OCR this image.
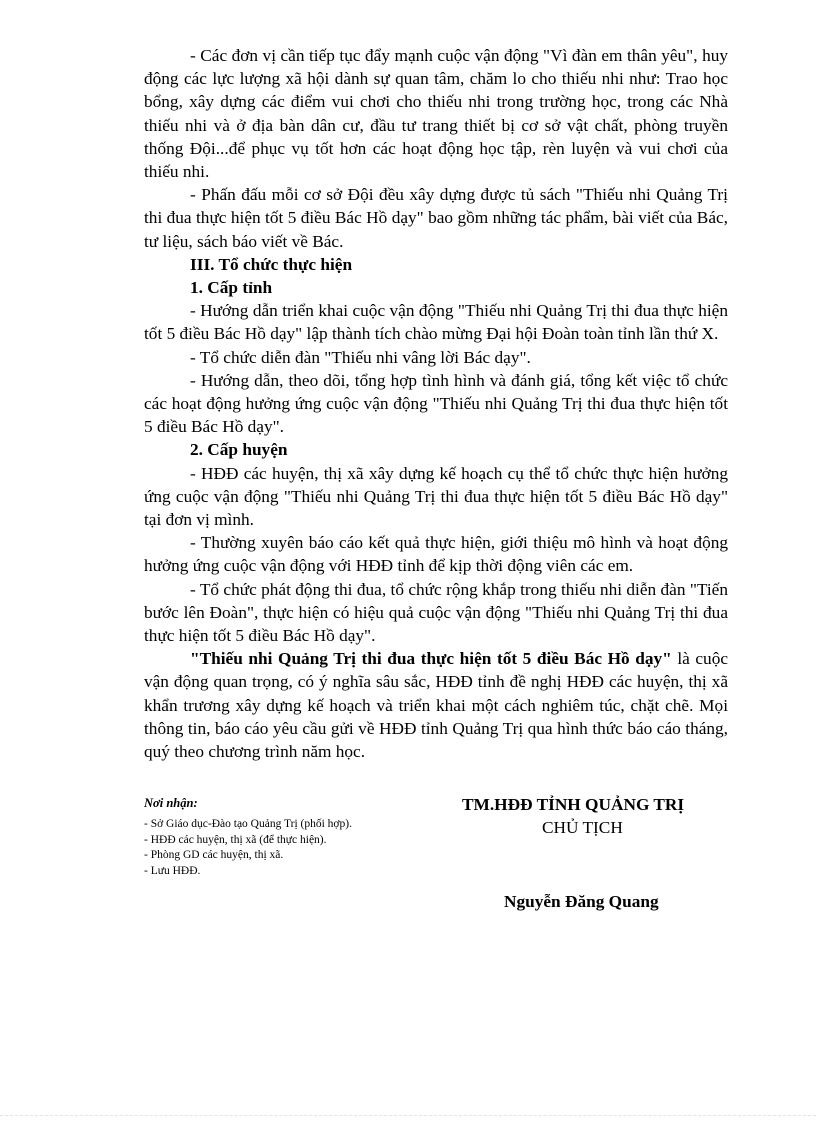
- Các đơn vị cần tiếp tục đẩy mạnh cuộc vận động "Vì đàn em thân yêu", huy động các lực lượng xã hội dành sự quan tâm, chăm lo cho thiếu nhi như: Trao học bổng, xây dựng các điểm vui chơi cho thiếu nhi trong trường học, trong các Nhà thiếu nhi và ở địa bàn dân cư, đầu tư trang thiết bị cơ sở vật chất, phòng truyền thống Đội...để phục vụ tốt hơn các hoạt động học tập, rèn luyện và vui chơi của thiếu nhi.

- Phấn đấu mỗi cơ sở Đội đều xây dựng được tủ sách "Thiếu nhi Quảng Trị thi đua thực hiện tốt 5 điều Bác Hồ dạy" bao gồm những tác phẩm, bài viết của Bác, tư liệu, sách báo viết về Bác.

III. Tổ chức thực hiện

1. Cấp tỉnh

- Hướng dẫn triển khai cuộc vận động "Thiếu nhi Quảng Trị thi đua thực hiện tốt 5 điều Bác Hồ dạy" lập thành tích chào mừng Đại hội Đoàn toàn tỉnh lần thứ X.

- Tổ chức diễn đàn "Thiếu nhi vâng lời Bác dạy".

- Hướng dẫn, theo dõi, tổng hợp tình hình và đánh giá, tổng kết việc tổ chức các hoạt động hưởng ứng cuộc vận động "Thiếu nhi Quảng Trị thi đua thực hiện tốt 5 điều Bác Hồ dạy".

2. Cấp huyện

- HĐĐ các huyện, thị xã xây dựng kế hoạch cụ thể tổ chức thực hiện hưởng ứng cuộc vận động "Thiếu nhi Quảng Trị thi đua thực hiện tốt 5 điều Bác Hồ dạy" tại đơn vị mình.

- Thường xuyên báo cáo kết quả thực hiện, giới thiệu mô hình và hoạt động hưởng ứng cuộc vận động với HĐĐ tỉnh để kịp thời động viên các em.

- Tổ chức phát động thi đua, tổ chức rộng khắp trong thiếu nhi diễn đàn "Tiến bước lên Đoàn", thực hiện có hiệu quả cuộc vận động "Thiếu nhi Quảng Trị thi đua thực hiện tốt 5 điều Bác Hồ dạy".

"Thiếu nhi Quảng Trị thi đua thực hiện tốt 5 điều Bác Hồ dạy" là cuộc vận động quan trọng, có ý nghĩa sâu sắc, HĐĐ tỉnh đề nghị HĐĐ các huyện, thị xã khẩn trương xây dựng kế hoạch và triển khai một cách nghiêm túc, chặt chẽ. Mọi thông tin, báo cáo yêu cầu gửi về HĐĐ tỉnh Quảng Trị qua hình thức báo cáo tháng, quý theo chương trình năm học.

Nơi nhận:

- Sở Giáo dục-Đào tạo Quảng Trị (phối hợp).
- HĐĐ các huyện, thị xã (để thực hiện).
- Phòng GD các huyện, thị xã.
- Lưu HĐĐ.
TM.HĐĐ TỈNH QUẢNG TRỊ
CHỦ TỊCH
Nguyễn Đăng Quang
